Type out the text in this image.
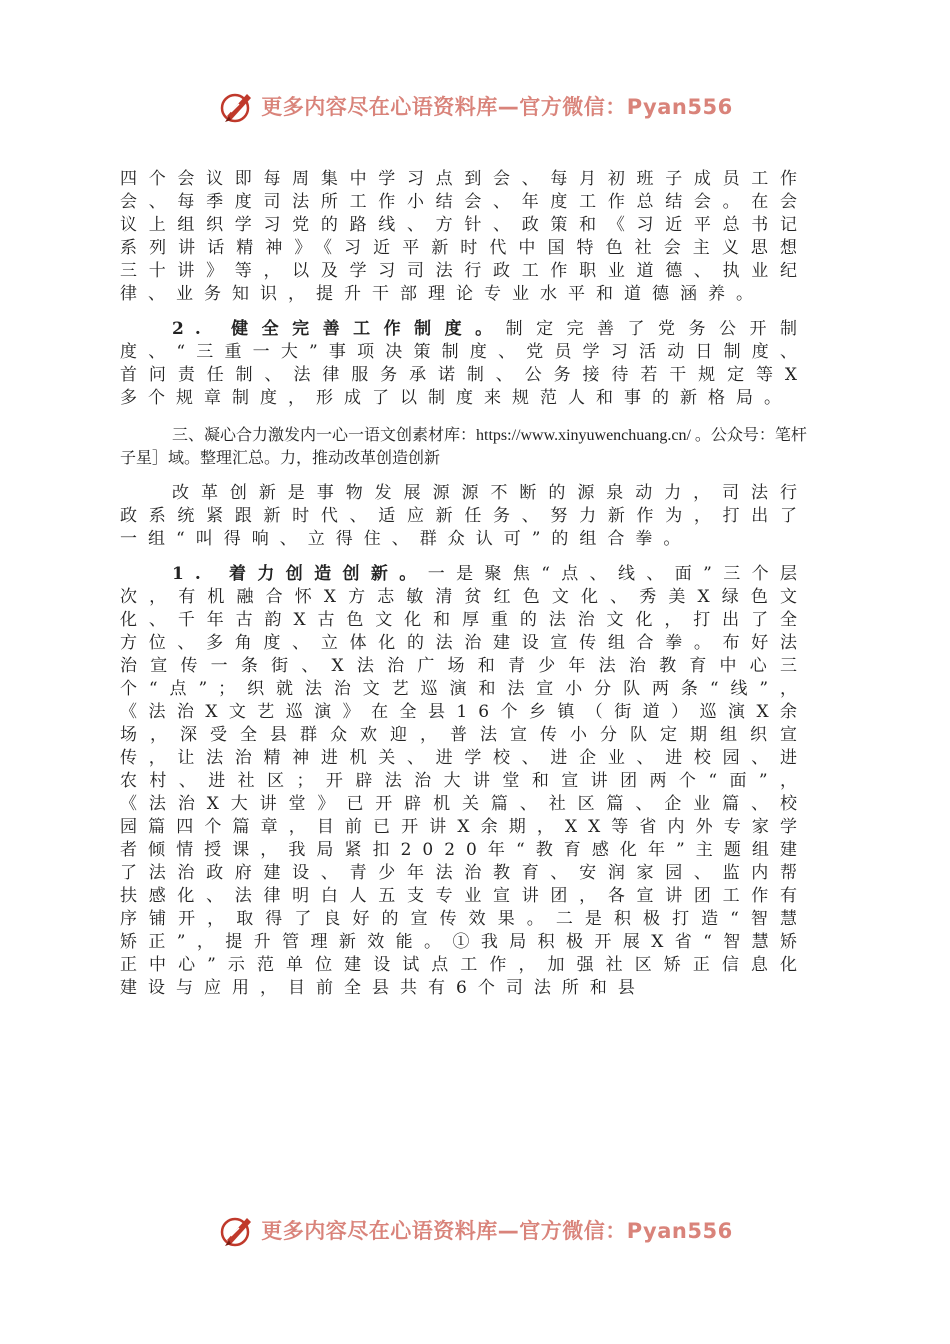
更多内容尽在心语资料库—官方微信：Pyan556

四个会议即每周集中学习点到会、每月初班子成员工作会、每季度司法所工作小结会、年度工作总结会。在会议上组织学习党的路线、方针、政策和《习近平总书记系列讲话精神》《习近平新时代中国特色社会主义思想三十讲》等，以及学习司法行政工作职业道德、执业纪律、业务知识，提升干部理论专业水平和道德涵养。

2. 健全完善工作制度。制定完善了党务公开制度、“三重一大”事项决策制度、党员学习活动日制度、首问责任制、法律服务承诺制、公务接待若干规定等X多个规章制度，形成了以制度来规范人和事的新格局。

三、凝心合力激发内一心一语文创素材库：https://www.xinyuwenchuang.cn/ 。公众号：笔杆子星］域。整理汇总。力，推动改革创造创新

改革创新是事物发展源源不断的源泉动力，司法行政系统紧跟新时代、适应新任务、努力新作为，打出了一组“叫得响、立得住、群众认可”的组合拳。

1. 着力创造创新。一是聚焦“点、线、面”三个层次，有机融合怀X方志敏清贫红色文化、秀美X绿色文化、千年古韵X古色文化和厚重的法治文化，打出了全方位、多角度、立体化的法治建设宣传组合拳。布好法治宣传一条街、X法治广场和青少年法治教育中心三个“点”；织就法治文艺巡演和法宣小分队两条“线”，《法治X文艺巡演》在全县16个乡镇（街道）巡演X余场，深受全县群众欢迎，普法宣传小分队定期组织宣传，让法治精神进机关、进学校、进企业、进校园、进农村、进社区；开辟法治大讲堂和宣讲团两个“面”，《法治X大讲堂》已开辟机关篇、社区篇、企业篇、校园篇四个篇章，目前已开讲X余期，XX等省内外专家学者倾情授课，我局紧扣2020年“教育感化年”主题组建了法治政府建设、青少年法治教育、安润家园、监内帮扶感化、法律明白人五支专业宣讲团，各宣讲团工作有序铺开，取得了良好的宣传效果。二是积极打造“智慧矫正”，提升管理新效能。①我局积极开展X省“智慧矫正中心”示范单位建设试点工作，加强社区矫正信息化建设与应用，目前全县共有6个司法所和县

更多内容尽在心语资料库—官方微信：Pyan556
